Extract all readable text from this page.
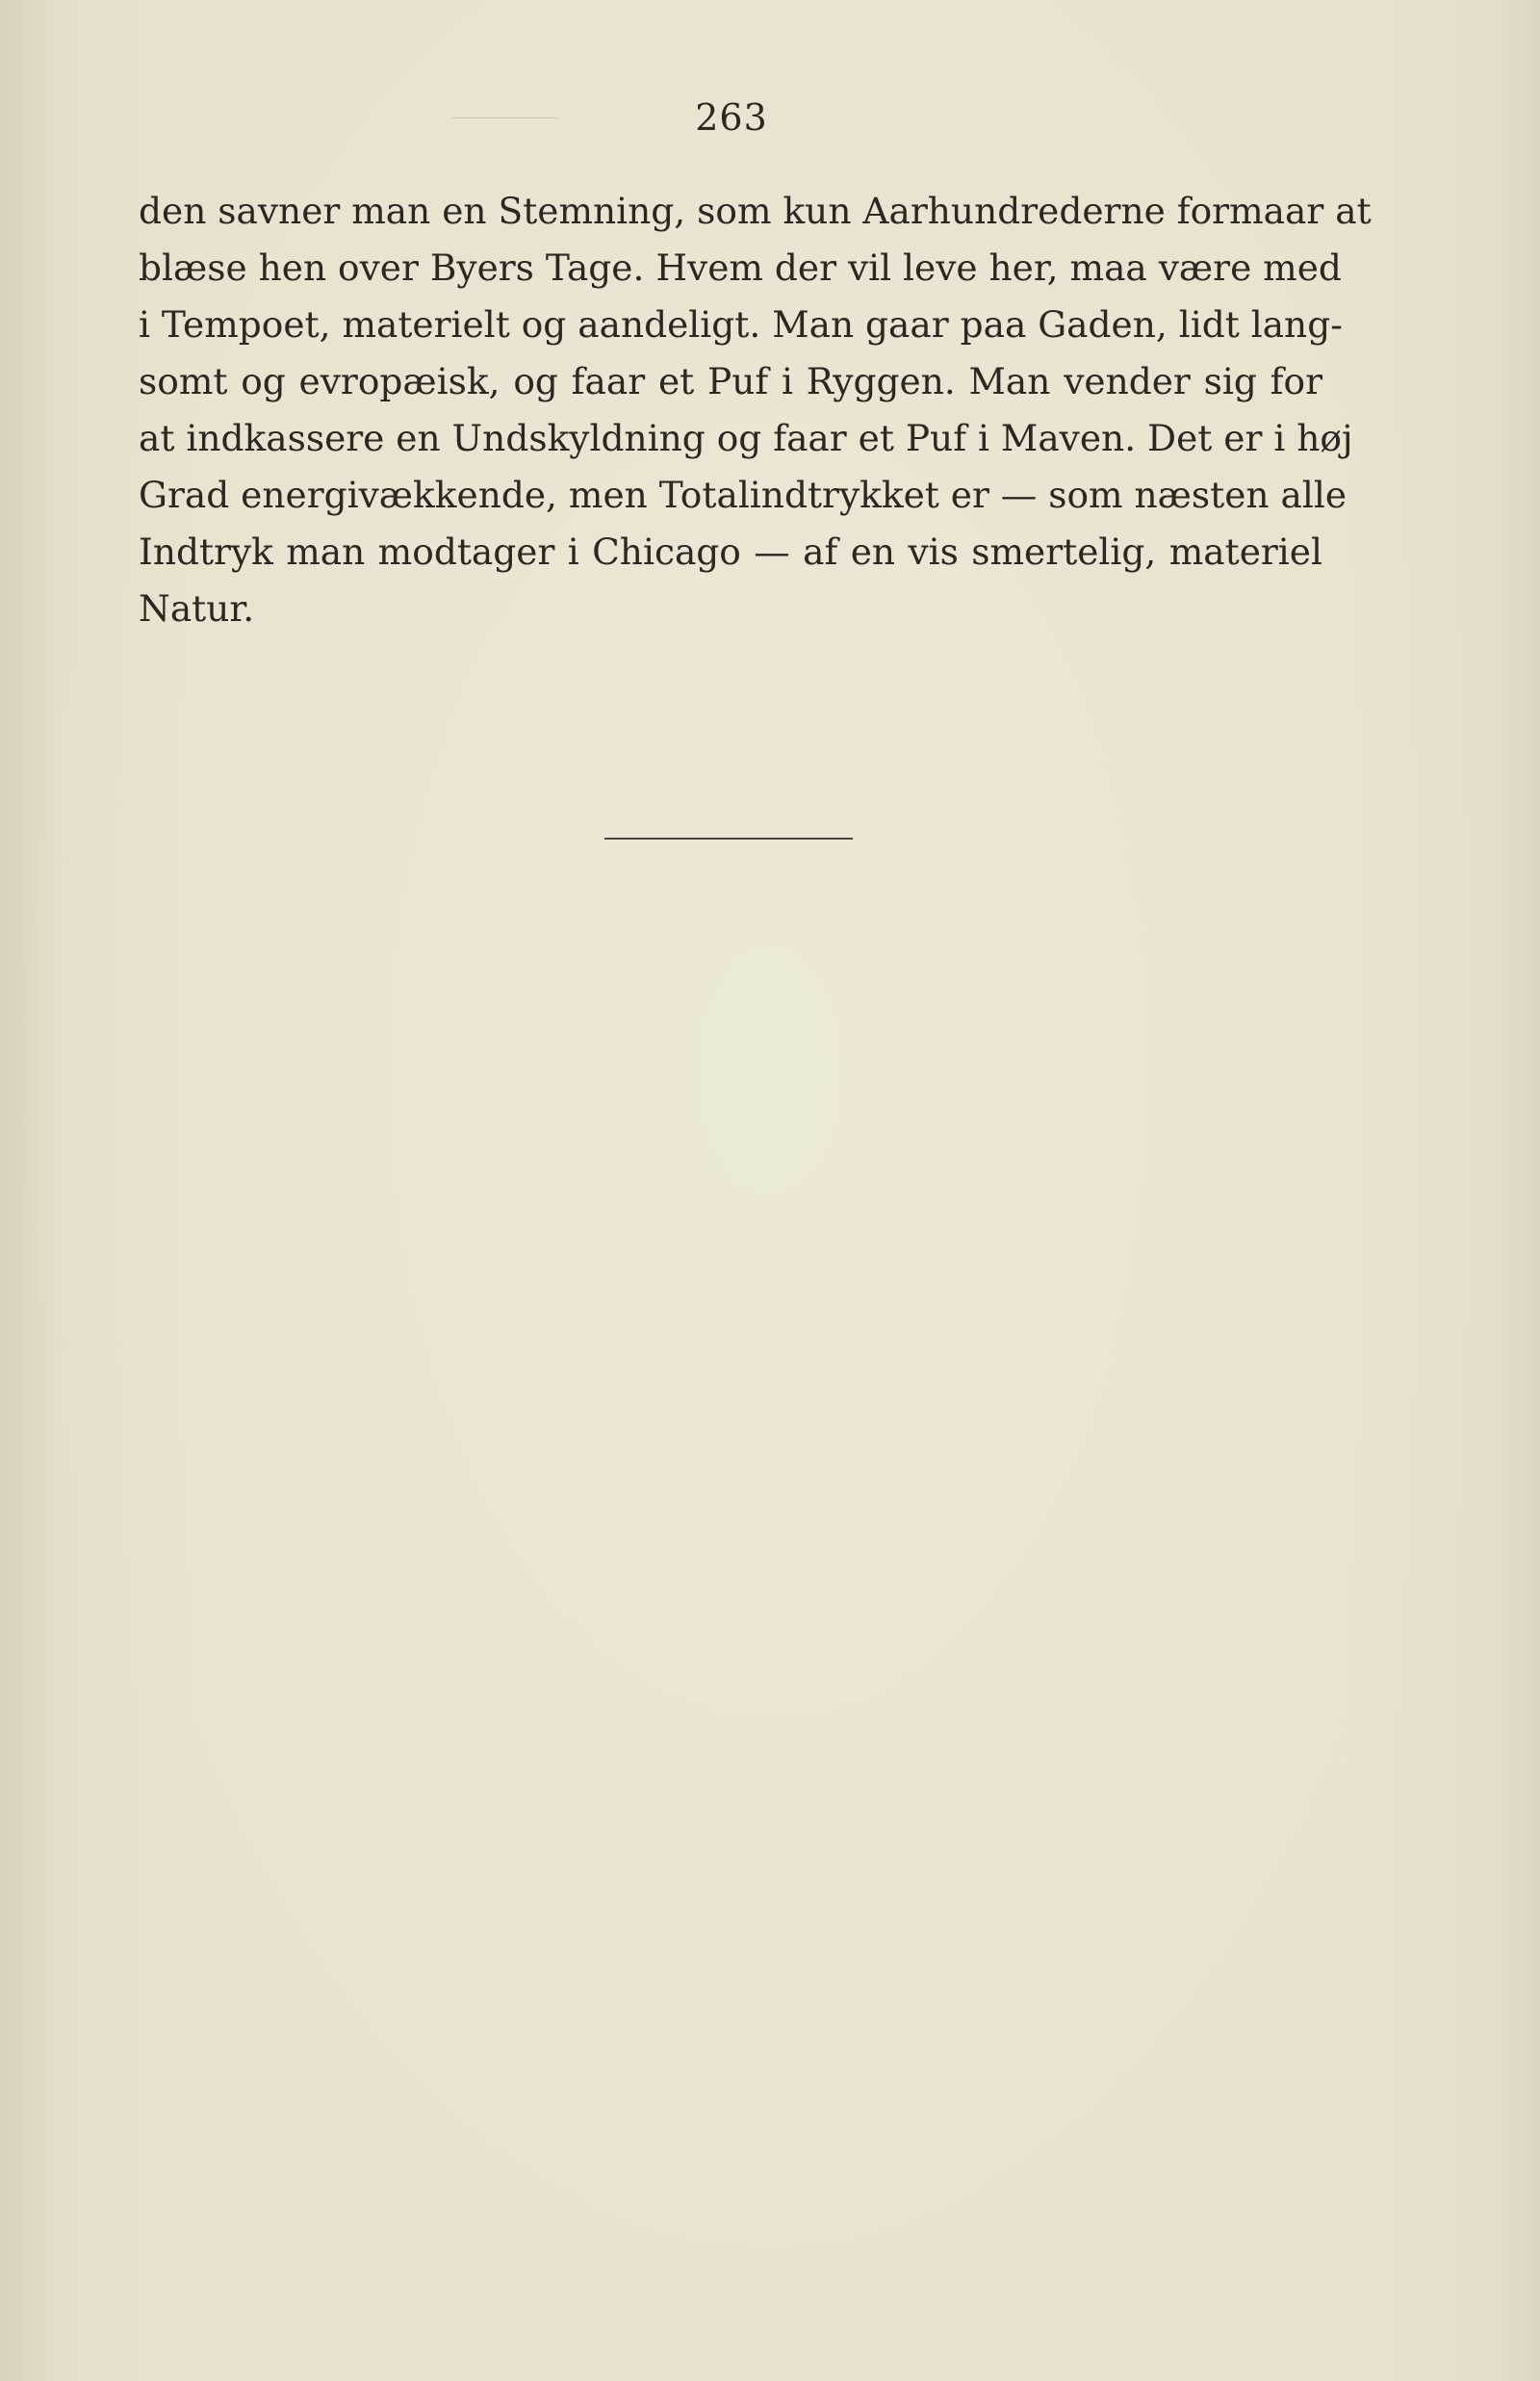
263
den savner man en Stemning, som kun Aarhundrederne formaar at
blæse hen over Byers Tage. Hvem der vil leve her, maa være med
i Tempoet, materielt og aandeligt. Man gaar paa Gaden, lidt lang-
somt og evropæisk, og faar et Puf i Ryggen. Man vender sig for
at indkassere en Undskyldning og faar et Puf i Maven. Det er i høj
Grad energivækkende, men Totalindtrykket er — som næsten alle
Indtryk man modtager i Chicago — af en vis smertelig, materiel
Natur.
